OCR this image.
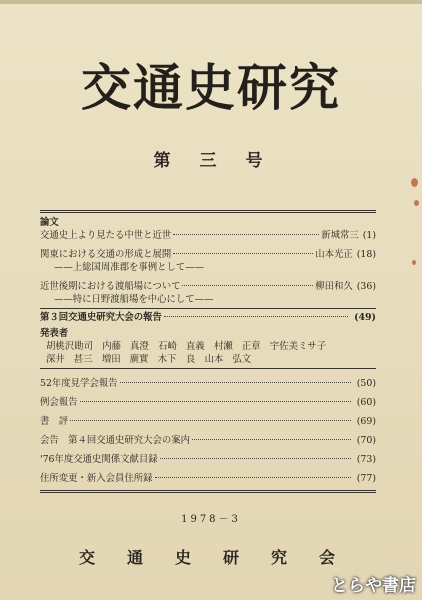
交通史研究
第　三　号
論文
交通史上より見たる中世と近世	新城常三 (1)
関東における交通の形成と展開	山本光正 (18)
——上総国周准郡を事例として——
近世後期における渡船場について	柳田和久 (36)
——特に日野渡船場を中心にして——
第３回交通史研究大会の報告	(49)
発表者
胡桃沢勘司　内藤 真澄　石崎 直義　村瀬 正章　宇佐美ミサ子
深井 甚三　増田 廣實　木下　良　山本 弘文
52年度見学会報告	(50)
例会報告	(60)
書　評	(69)
会告　第４回交通史研究大会の案内	(70)
'76年度交通史関係文献目録	(73)
住所変更・新入会員住所録	(77)
1978－3
交　通　史　研　究　会
とらや書店
